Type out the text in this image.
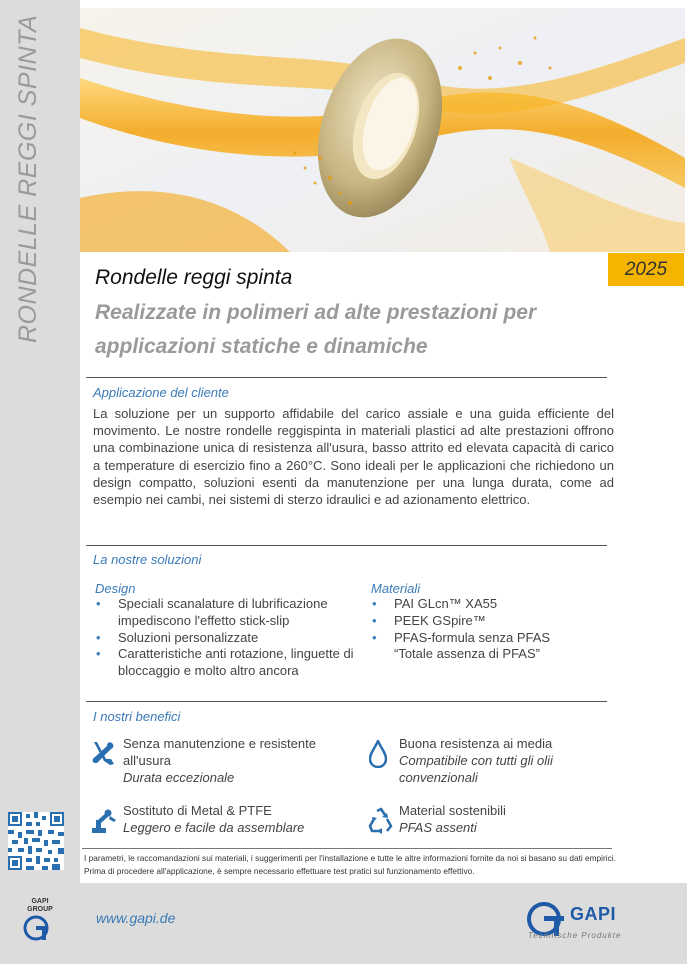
RONDELLE REGGI SPINTA	2025
Rondelle reggi spinta
Realizzate in polimeri ad alte prestazioni per applicazioni statiche e dinamiche
Applicazione del cliente
La soluzione per un supporto affidabile del carico assiale e una guida efficiente del movimento. Le nostre rondelle reggispinta in materiali plastici ad alte prestazioni offrono una combinazione unica di resistenza all'usura, basso attrito ed elevata capacità di carico a temperature di esercizio fino a 260°C. Sono ideali per le applicazioni che richiedono un design compatto, soluzioni esenti da manutenzione per una lunga durata, come ad esempio nei cambi, nei sistemi di sterzo idraulici e ad azionamento elettrico.
La nostre soluzioni
Design
• Speciali scanalature di lubrificazione impediscono l'effetto stick-slip
• Soluzioni personalizzate
• Caratteristiche anti rotazione, linguette di bloccaggio e molto altro ancora
Materiali
• PAI GLcn™ XA55
• PEEK GSpire™
• PFAS-formula senza PFAS “Totale assenza di PFAS”
I nostri benefici
Senza manutenzione e resistente all'usura
Durata eccezionale
Buona resistenza ai media
Compatibile con tutti gli olii convenzionali
Sostituto di Metal & PTFE
Leggero e facile da assemblare
Material sostenibili
PFAS assenti
I parametri, le raccomandazioni sui materiali, i suggerimenti per l'installazione e tutte le altre informazioni fornite da noi si basano su dati empirici. Prima di procedere all'applicazione, è sempre necessario effettuare test pratici sul funzionamento effettivo.
GAPI GROUP
www.gapi.de	GAPI
Technische Produkte
